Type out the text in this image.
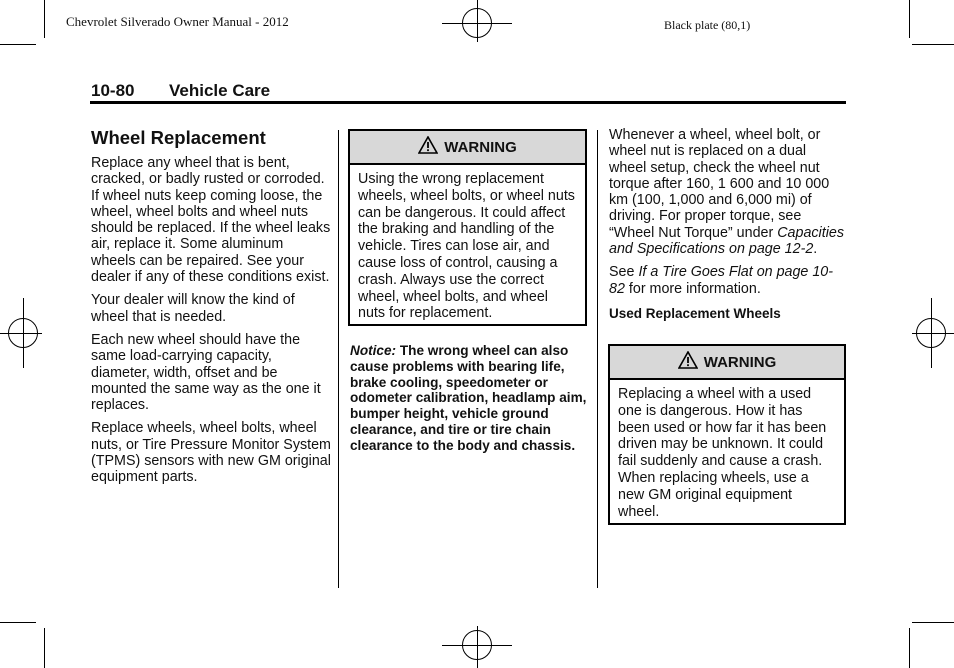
Chevrolet Silverado Owner Manual - 2012	Black plate (80,1)
10-80 Vehicle Care
Wheel Replacement

Replace any wheel that is bent, cracked, or badly rusted or corroded. If wheel nuts keep coming loose, the wheel, wheel bolts and wheel nuts should be replaced. If the wheel leaks air, replace it. Some aluminum wheels can be repaired. See your dealer if any of these conditions exist.

Your dealer will know the kind of wheel that is needed.

Each new wheel should have the same load-carrying capacity, diameter, width, offset and be mounted the same way as the one it replaces.

Replace wheels, wheel bolts, wheel nuts, or Tire Pressure Monitor System (TPMS) sensors with new GM original equipment parts.

WARNING
Using the wrong replacement wheels, wheel bolts, or wheel nuts can be dangerous. It could affect the braking and handling of the vehicle. Tires can lose air, and cause loss of control, causing a crash. Always use the correct wheel, wheel bolts, and wheel nuts for replacement.
Notice: The wrong wheel can also cause problems with bearing life, brake cooling, speedometer or odometer calibration, headlamp aim, bumper height, vehicle ground clearance, and tire or tire chain clearance to the body and chassis.

Whenever a wheel, wheel bolt, or wheel nut is replaced on a dual wheel setup, check the wheel nut torque after 160, 1 600 and 10 000 km (100, 1,000 and 6,000 mi) of driving. For proper torque, see “Wheel Nut Torque” under Capacities and Specifications on page 12-2.

See If a Tire Goes Flat on page 10-82 for more information.

Used Replacement Wheels
WARNING
Replacing a wheel with a used one is dangerous. How it has been used or how far it has been driven may be unknown. It could fail suddenly and cause a crash. When replacing wheels, use a new GM original equipment wheel.
